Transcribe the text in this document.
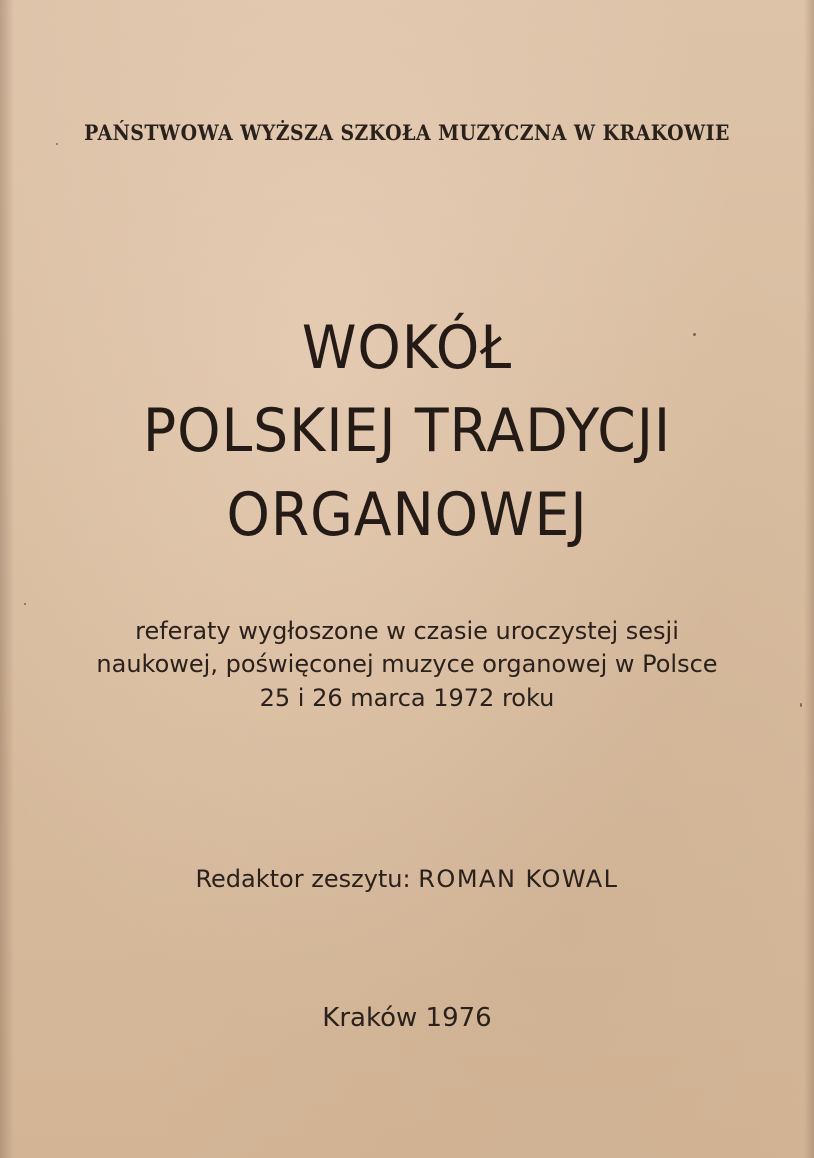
PAŃSTWOWA WYŻSZA SZKOŁA MUZYCZNA W KRAKOWIE
WOKÓŁ
POLSKIEJ TRADYCJI
ORGANOWEJ
referaty wygłoszone w czasie uroczystej sesji
naukowej, poświęconej muzyce organowej w Polsce
25 i 26 marca 1972 roku
Redaktor zeszytu: ROMAN KOWAL
Kraków 1976
